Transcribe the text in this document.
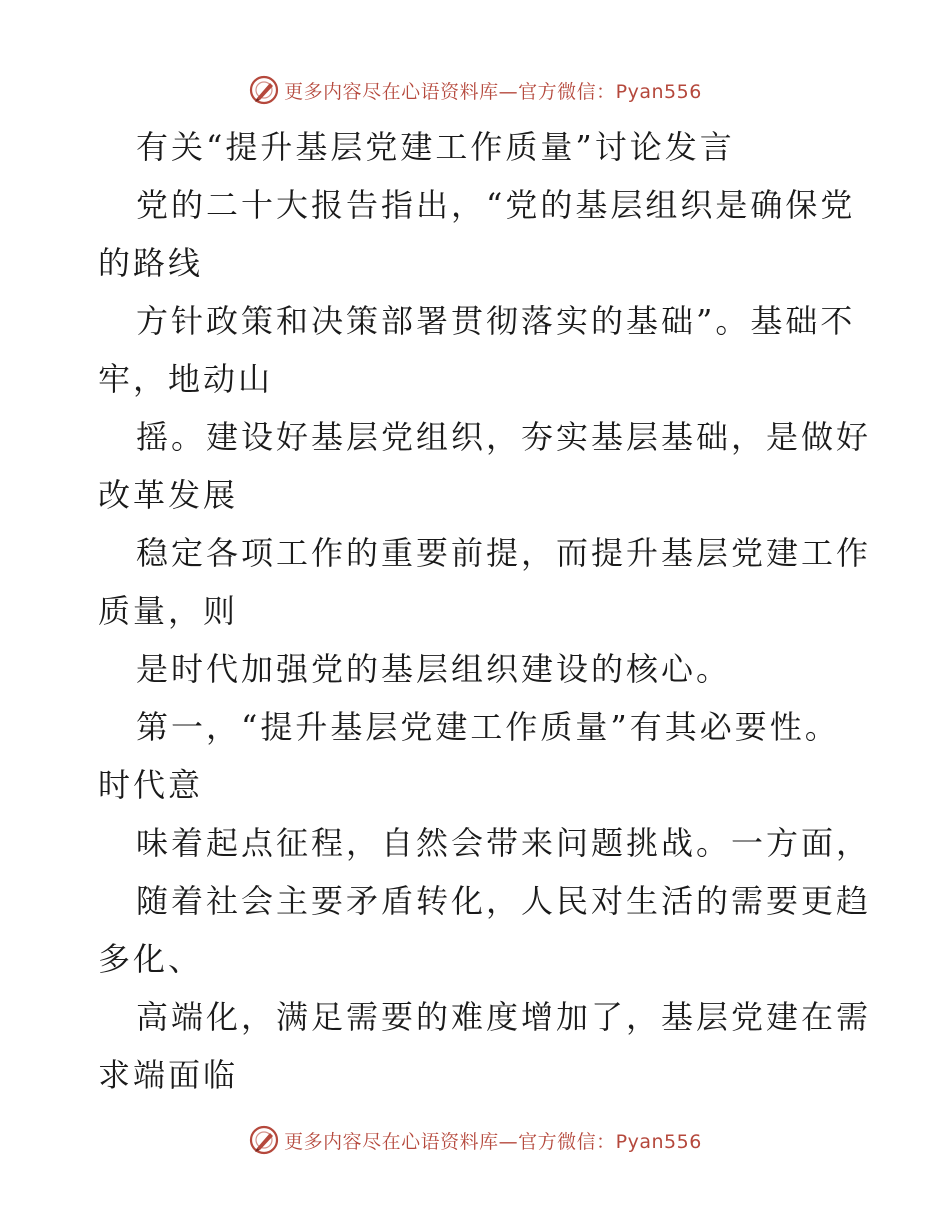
更多内容尽在心语资料库—官方微信：Pyan556
有关“提升基层党建工作质量”讨论发言
党的二十大报告指出，“党的基层组织是确保党
的路线
方针政策和决策部署贯彻落实的基础”。基础不
牢，地动山
摇。建设好基层党组织，夯实基层基础，是做好
改革发展
稳定各项工作的重要前提，而提升基层党建工作
质量，则
是时代加强党的基层组织建设的核心。
第一，“提升基层党建工作质量”有其必要性。
时代意
味着起点征程，自然会带来问题挑战。一方面，
随着社会主要矛盾转化，人民对生活的需要更趋
多化、
高端化，满足需要的难度增加了，基层党建在需
求端面临
更多内容尽在心语资料库—官方微信：Pyan556
